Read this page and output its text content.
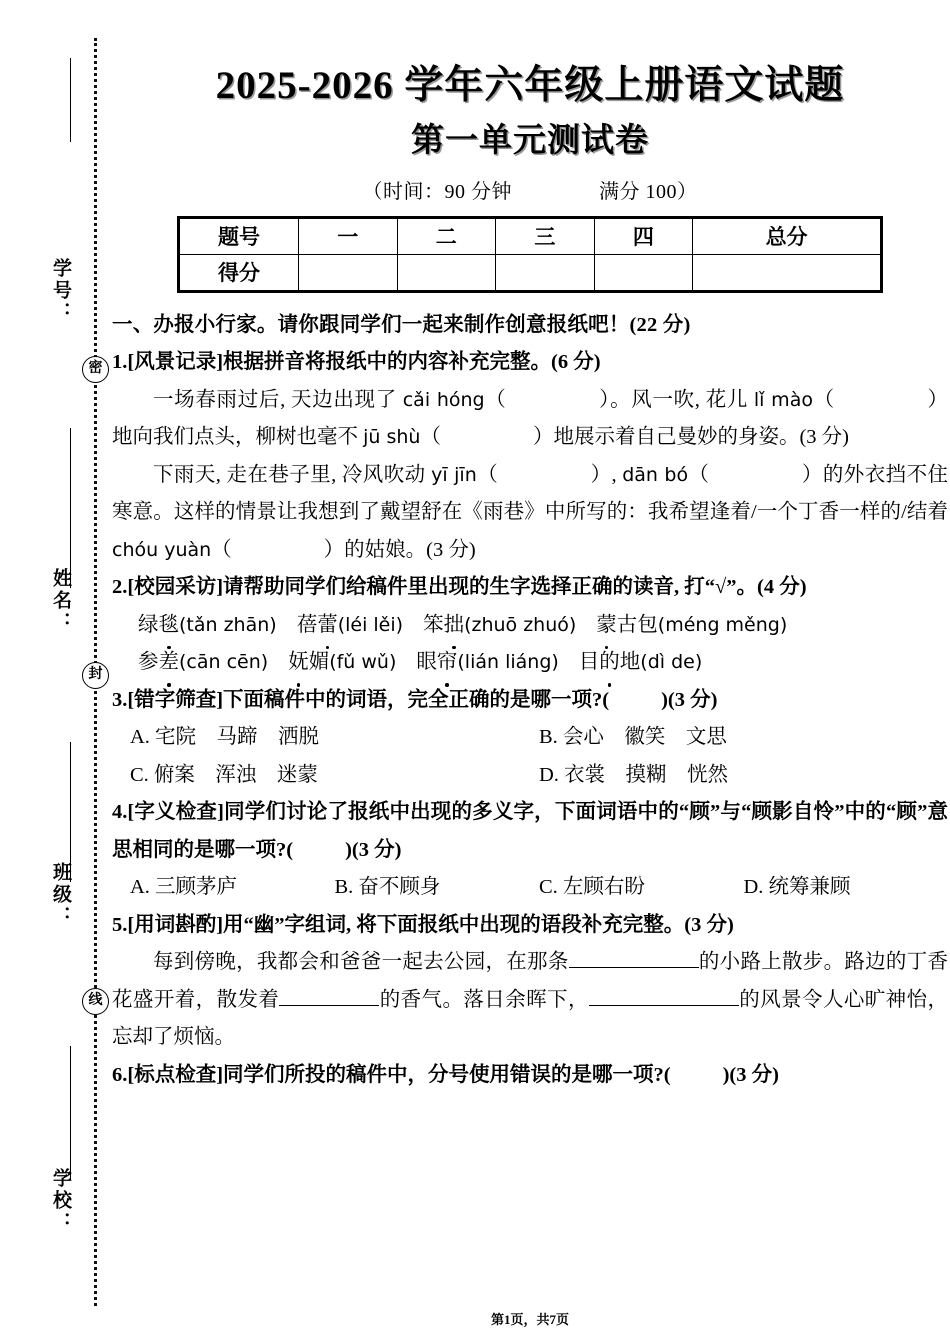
学号：
密
姓名：
封
班级：
线
学校：
2025-2026 学年六年级上册语文试题
第一单元测试卷
（时间：90 分钟	满分 100）
题号	一	二	三	四	总分
得分					
一、办报小行家。请你跟同学们一起来制作创意报纸吧！(22 分)
1.[风景记录]根据拼音将报纸中的内容补充完整。(6 分)
一场春雨过后, 天边出现了 cǎi hóng（	）。风一吹, 花儿 lǐ mào（	）地向我们点头，柳树也毫不 jū shù（	）地展示着自己曼妙的身姿。(3 分)
下雨天, 走在巷子里, 冷风吹动 yī jīn（	）, dān bó（	）的外衣挡不住寒意。这样的情景让我想到了戴望舒在《雨巷》中所写的：我希望逢着/一个丁香一样的/结着 chóu yuàn（	）的姑娘。(3 分)
2.[校园采访]请帮助同学们给稿件里出现的生字选择正确的读音, 打“√”。(4 分)
绿毯(tǎn zhān) 蓓蕾(léi lěi) 笨拙(zhuō zhuó) 蒙古包(méng měng)
参差(cān cēn) 妩媚(fǔ wǔ) 眼帘(lián liáng) 目的地(dì de)
3.[错字筛查]下面稿件中的词语，完全正确的是哪一项?(	)(3 分)
A. 宅院　马蹄　洒脱	B. 会心　徽笑　文思
C. 俯案　浑浊　迷蒙	D. 衣裳　摸糊　恍然
4.[字义检查]同学们讨论了报纸中出现的多义字，下面词语中的“顾”与“顾影自怜”中的“顾”意思相同的是哪一项?(	)(3 分)
A. 三顾茅庐	B. 奋不顾身	C. 左顾右盼	D. 统筹兼顾
5.[用词斟酌]用“幽”字组词, 将下面报纸中出现的语段补充完整。(3 分)
每到傍晚，我都会和爸爸一起去公园，在那条	的小路上散步。路边的丁香花盛开着，散发着	的香气。落日余晖下，	的风景令人心旷神怡，忘却了烦恼。
6.[标点检查]同学们所投的稿件中，分号使用错误的是哪一项?(	)(3 分)
第1页，共7页
